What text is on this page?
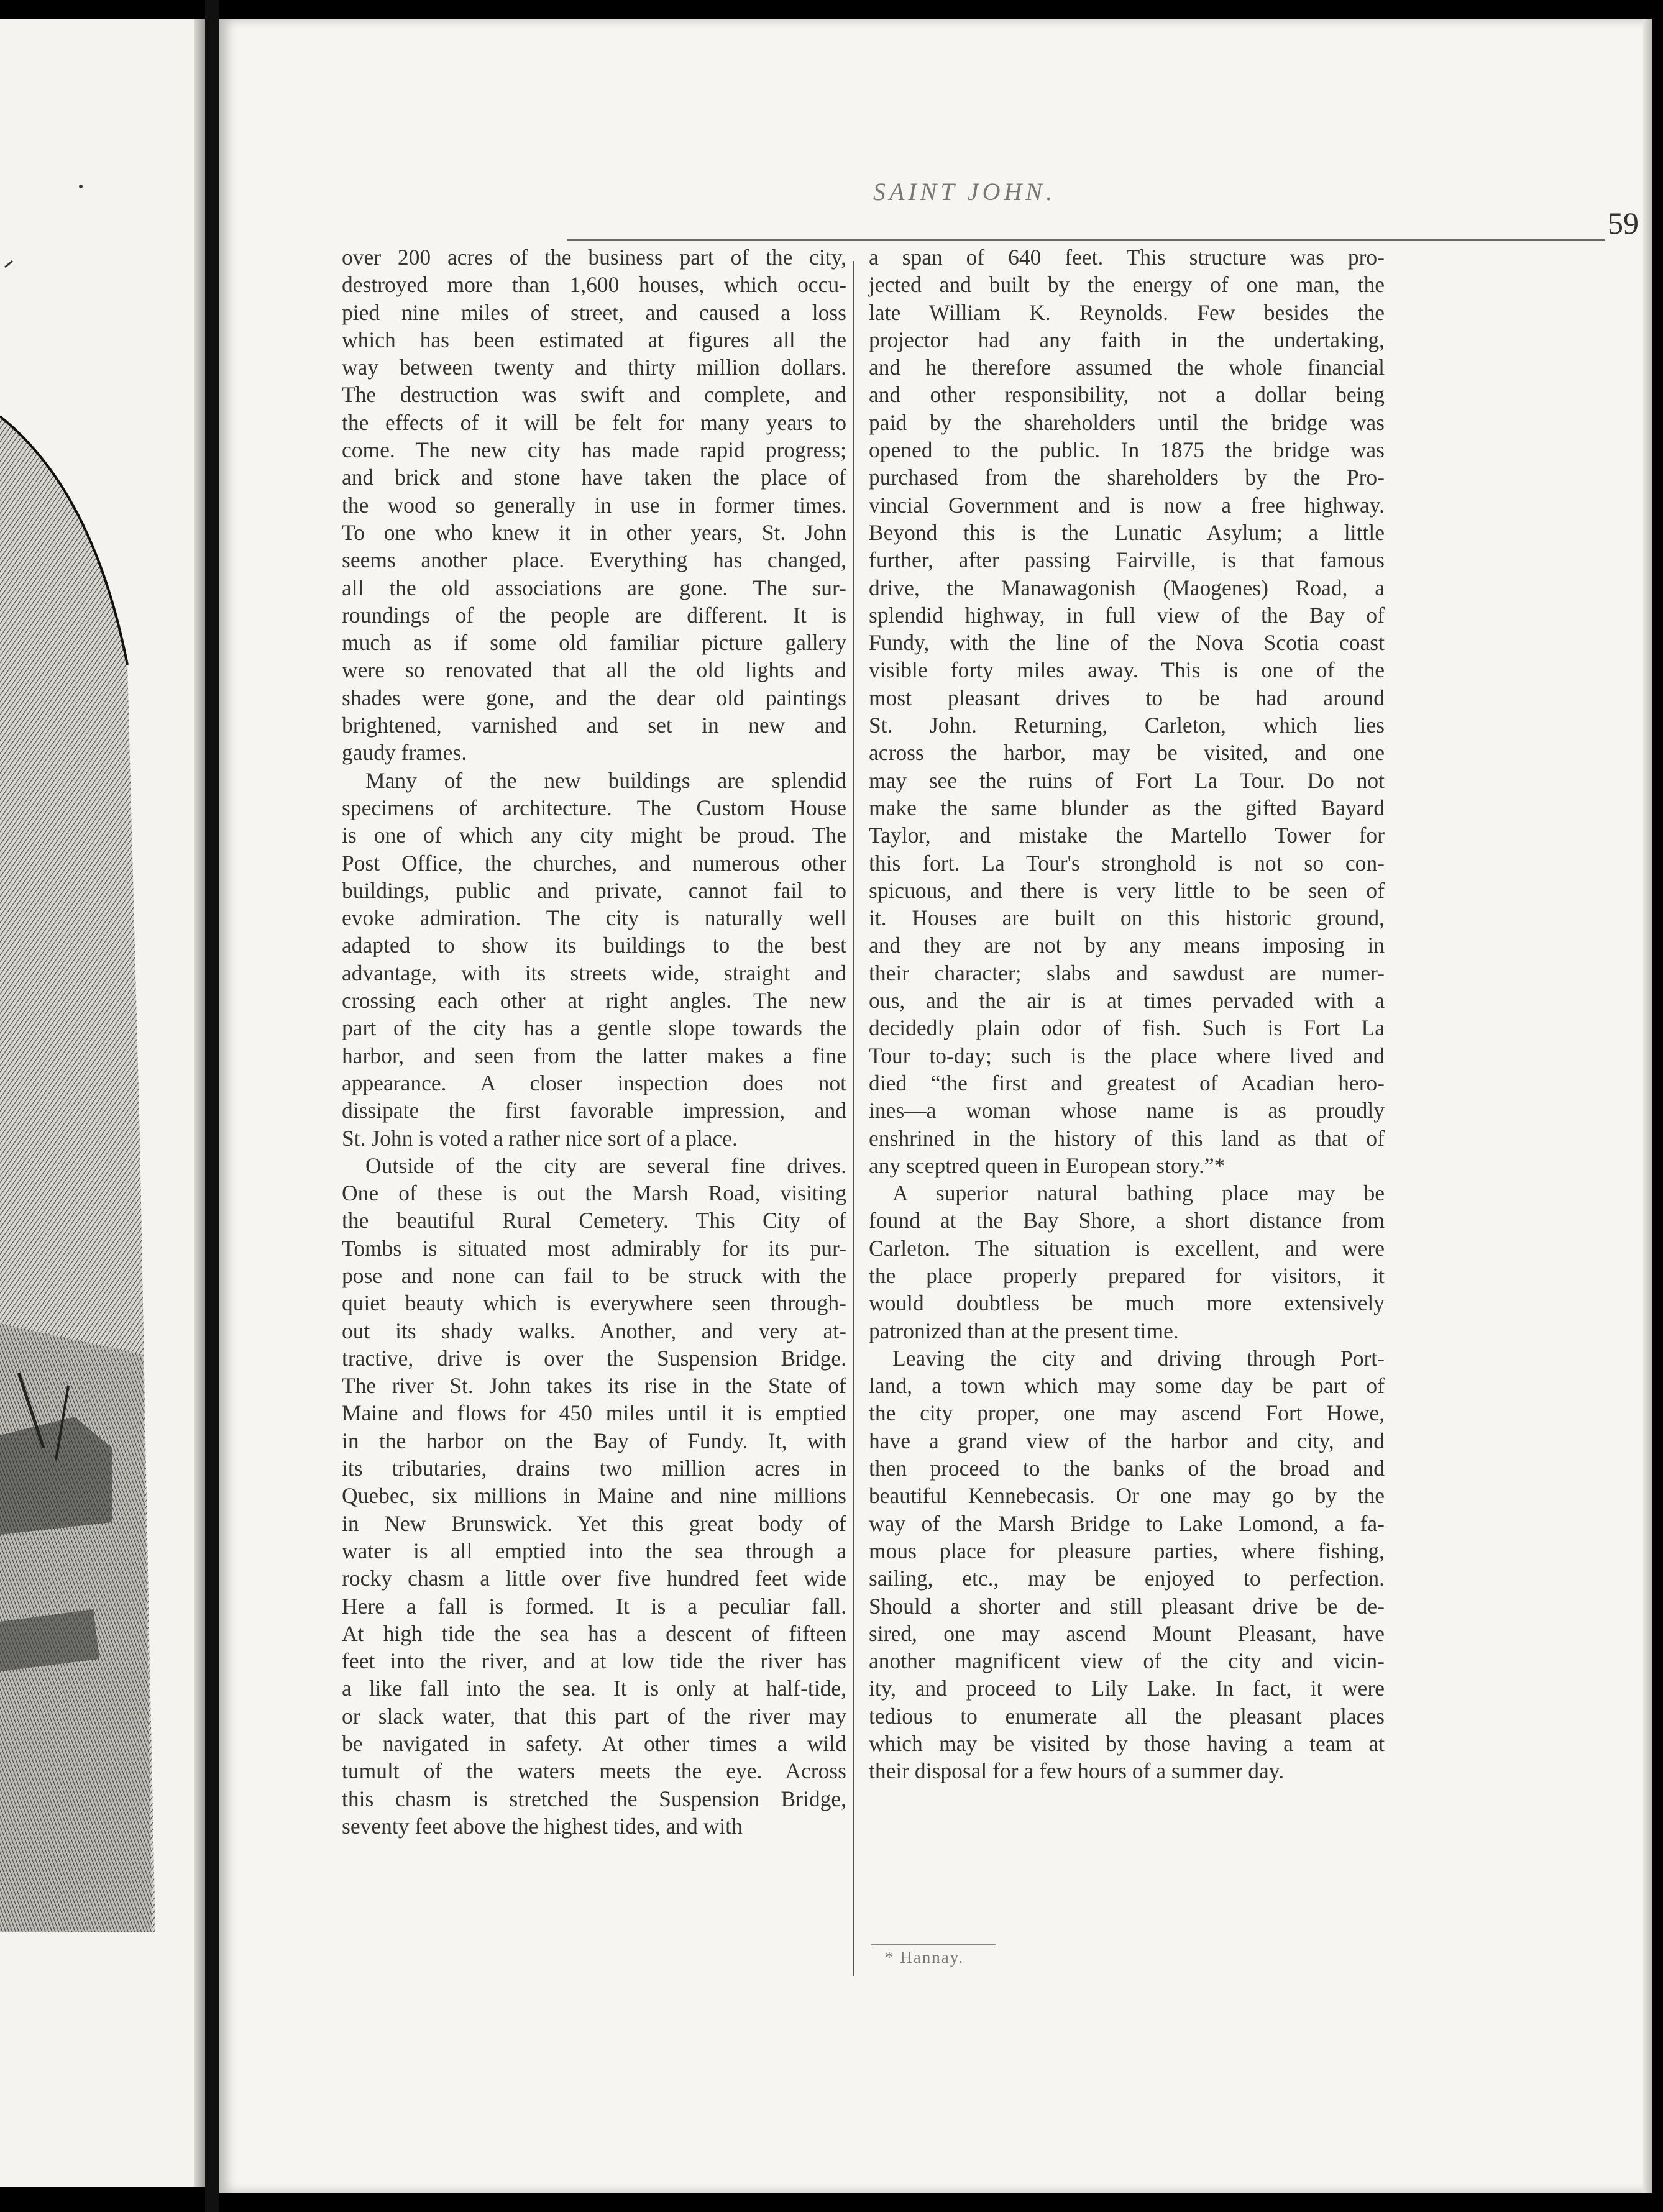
SAINT JOHN.
59
over 200 acres of the business part of the city,
destroyed more than 1,600 houses, which occu-
pied nine miles of street, and caused a loss
which has been estimated at figures all the
way between twenty and thirty million dollars.
The destruction was swift and complete, and
the effects of it will be felt for many years to
come. The new city has made rapid progress;
and brick and stone have taken the place of
the wood so generally in use in former times.
To one who knew it in other years, St. John
seems another place. Everything has changed,
all the old associations are gone. The sur-
roundings of the people are different. It is
much as if some old familiar picture gallery
were so renovated that all the old lights and
shades were gone, and the dear old paintings
brightened, varnished and set in new and
gaudy frames.
Many of the new buildings are splendid
specimens of architecture. The Custom House
is one of which any city might be proud. The
Post Office, the churches, and numerous other
buildings, public and private, cannot fail to
evoke admiration. The city is naturally well
adapted to show its buildings to the best
advantage, with its streets wide, straight and
crossing each other at right angles. The new
part of the city has a gentle slope towards the
harbor, and seen from the latter makes a fine
appearance. A closer inspection does not
dissipate the first favorable impression, and
St. John is voted a rather nice sort of a place.
Outside of the city are several fine drives.
One of these is out the Marsh Road, visiting
the beautiful Rural Cemetery. This City of
Tombs is situated most admirably for its pur-
pose and none can fail to be struck with the
quiet beauty which is everywhere seen through-
out its shady walks. Another, and very at-
tractive, drive is over the Suspension Bridge.
The river St. John takes its rise in the State of
Maine and flows for 450 miles until it is emptied
in the harbor on the Bay of Fundy. It, with
its tributaries, drains two million acres in
Quebec, six millions in Maine and nine millions
in New Brunswick. Yet this great body of
water is all emptied into the sea through a
rocky chasm a little over five hundred feet wide
Here a fall is formed. It is a peculiar fall.
At high tide the sea has a descent of fifteen
feet into the river, and at low tide the river has
a like fall into the sea. It is only at half-tide,
or slack water, that this part of the river may
be navigated in safety. At other times a wild
tumult of the waters meets the eye. Across
this chasm is stretched the Suspension Bridge,
seventy feet above the highest tides, and with
a span of 640 feet. This structure was pro-
jected and built by the energy of one man, the
late William K. Reynolds. Few besides the
projector had any faith in the undertaking,
and he therefore assumed the whole financial
and other responsibility, not a dollar being
paid by the shareholders until the bridge was
opened to the public. In 1875 the bridge was
purchased from the shareholders by the Pro-
vincial Government and is now a free highway.
Beyond this is the Lunatic Asylum; a little
further, after passing Fairville, is that famous
drive, the Manawagonish (Maogenes) Road, a
splendid highway, in full view of the Bay of
Fundy, with the line of the Nova Scotia coast
visible forty miles away. This is one of the
most pleasant drives to be had around
St. John. Returning, Carleton, which lies
across the harbor, may be visited, and one
may see the ruins of Fort La Tour. Do not
make the same blunder as the gifted Bayard
Taylor, and mistake the Martello Tower for
this fort. La Tour's stronghold is not so con-
spicuous, and there is very little to be seen of
it. Houses are built on this historic ground,
and they are not by any means imposing in
their character; slabs and sawdust are numer-
ous, and the air is at times pervaded with a
decidedly plain odor of fish. Such is Fort La
Tour to-day; such is the place where lived and
died “the first and greatest of Acadian hero-
ines—a woman whose name is as proudly
enshrined in the history of this land as that of
any sceptred queen in European story.”*
A superior natural bathing place may be
found at the Bay Shore, a short distance from
Carleton. The situation is excellent, and were
the place properly prepared for visitors, it
would doubtless be much more extensively
patronized than at the present time.
Leaving the city and driving through Port-
land, a town which may some day be part of
the city proper, one may ascend Fort Howe,
have a grand view of the harbor and city, and
then proceed to the banks of the broad and
beautiful Kennebecasis. Or one may go by the
way of the Marsh Bridge to Lake Lomond, a fa-
mous place for pleasure parties, where fishing,
sailing, etc., may be enjoyed to perfection.
Should a shorter and still pleasant drive be de-
sired, one may ascend Mount Pleasant, have
another magnificent view of the city and vicin-
ity, and proceed to Lily Lake. In fact, it were
tedious to enumerate all the pleasant places
which may be visited by those having a team at
their disposal for a few hours of a summer day.
* Hannay.
